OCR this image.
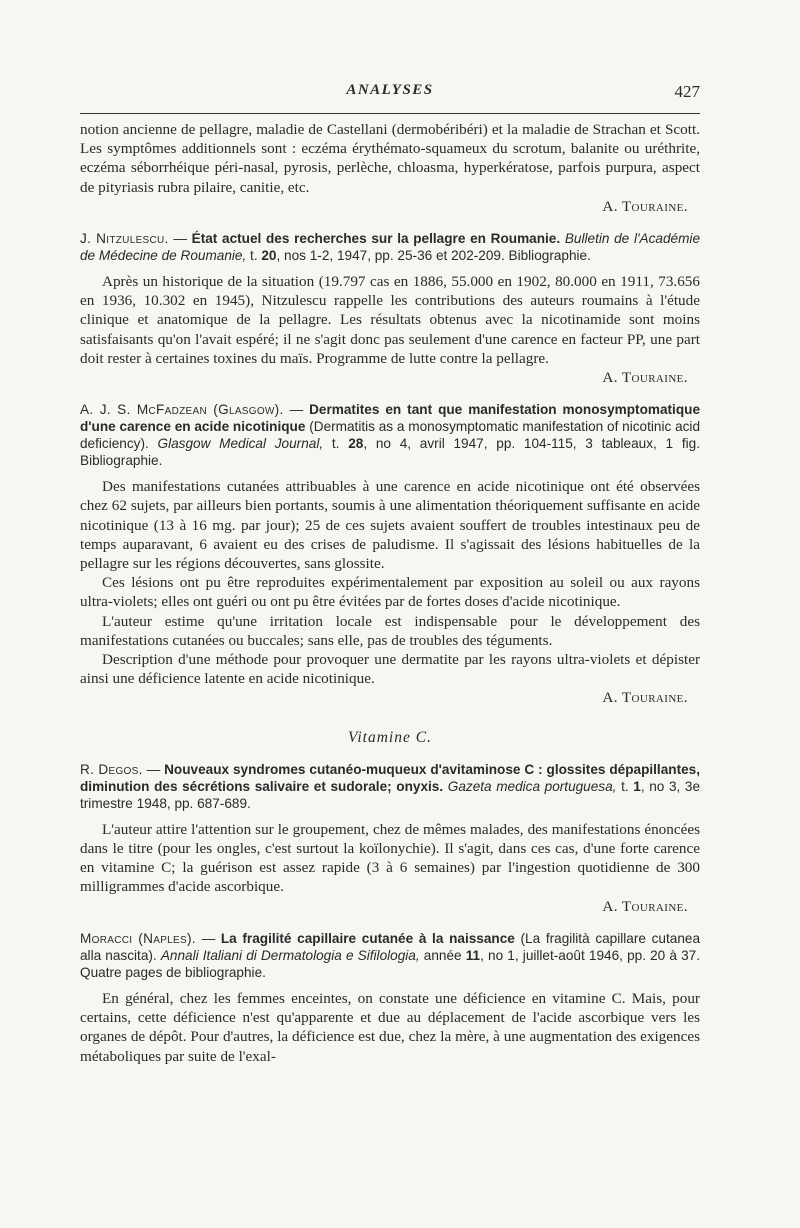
ANALYSES	427

notion ancienne de pellagre, maladie de Castellani (dermobéribéri) et la maladie de Strachan et Scott. Les symptômes additionnels sont : eczéma érythémato-squameux du scrotum, balanite ou uréthrite, eczéma séborrhéique péri-nasal, pyrosis, perlèche, chloasma, hyperkératose, parfois purpura, aspect de pityriasis rubra pilaire, canitie, etc.

A. Touraine.

J. Nitzulescu. — État actuel des recherches sur la pellagre en Roumanie. Bulletin de l'Académie de Médecine de Roumanie, t. 20, nos 1-2, 1947, pp. 25-36 et 202-209. Bibliographie.

Après un historique de la situation (19.797 cas en 1886, 55.000 en 1902, 80.000 en 1911, 73.656 en 1936, 10.302 en 1945), Nitzulescu rappelle les contributions des auteurs roumains à l'étude clinique et anatomique de la pellagre. Les résultats obtenus avec la nicotinamide sont moins satisfaisants qu'on l'avait espéré; il ne s'agit donc pas seulement d'une carence en facteur PP, une part doit rester à certaines toxines du maïs. Programme de lutte contre la pellagre.

A. Touraine.

A. J. S. McFadzean (Glasgow). — Dermatites en tant que manifestation monosymptomatique d'une carence en acide nicotinique (Dermatitis as a monosymptomatic manifestation of nicotinic acid deficiency). Glasgow Medical Journal, t. 28, no 4, avril 1947, pp. 104-115, 3 tableaux, 1 fig. Bibliographie.

Des manifestations cutanées attribuables à une carence en acide nicotinique ont été observées chez 62 sujets, par ailleurs bien portants, soumis à une alimentation théoriquement suffisante en acide nicotinique (13 à 16 mg. par jour); 25 de ces sujets avaient souffert de troubles intestinaux peu de temps auparavant, 6 avaient eu des crises de paludisme. Il s'agissait des lésions habituelles de la pellagre sur les régions découvertes, sans glossite.

Ces lésions ont pu être reproduites expérimentalement par exposition au soleil ou aux rayons ultra-violets; elles ont guéri ou ont pu être évitées par de fortes doses d'acide nicotinique.

L'auteur estime qu'une irritation locale est indispensable pour le développement des manifestations cutanées ou buccales; sans elle, pas de troubles des téguments.

Description d'une méthode pour provoquer une dermatite par les rayons ultra-violets et dépister ainsi une déficience latente en acide nicotinique.

A. Touraine.

Vitamine C.
R. Degos. — Nouveaux syndromes cutanéo-muqueux d'avitaminose C : glossites dépapillantes, diminution des sécrétions salivaire et sudorale; onyxis. Gazeta medica portuguesa, t. 1, no 3, 3e trimestre 1948, pp. 687-689.

L'auteur attire l'attention sur le groupement, chez de mêmes malades, des manifestations énoncées dans le titre (pour les ongles, c'est surtout la koïlonychie). Il s'agit, dans ces cas, d'une forte carence en vitamine C; la guérison est assez rapide (3 à 6 semaines) par l'ingestion quotidienne de 300 milligrammes d'acide ascorbique.

A. Touraine.

Moracci (Naples). — La fragilité capillaire cutanée à la naissance (La fragilità capillare cutanea alla nascita). Annali Italiani di Dermatologia e Sifilologia, année 11, no 1, juillet-août 1946, pp. 20 à 37. Quatre pages de bibliographie.

En général, chez les femmes enceintes, on constate une déficience en vitamine C. Mais, pour certains, cette déficience n'est qu'apparente et due au déplacement de l'acide ascorbique vers les organes de dépôt. Pour d'autres, la déficience est due, chez la mère, à une augmentation des exigences métaboliques par suite de l'exal-
